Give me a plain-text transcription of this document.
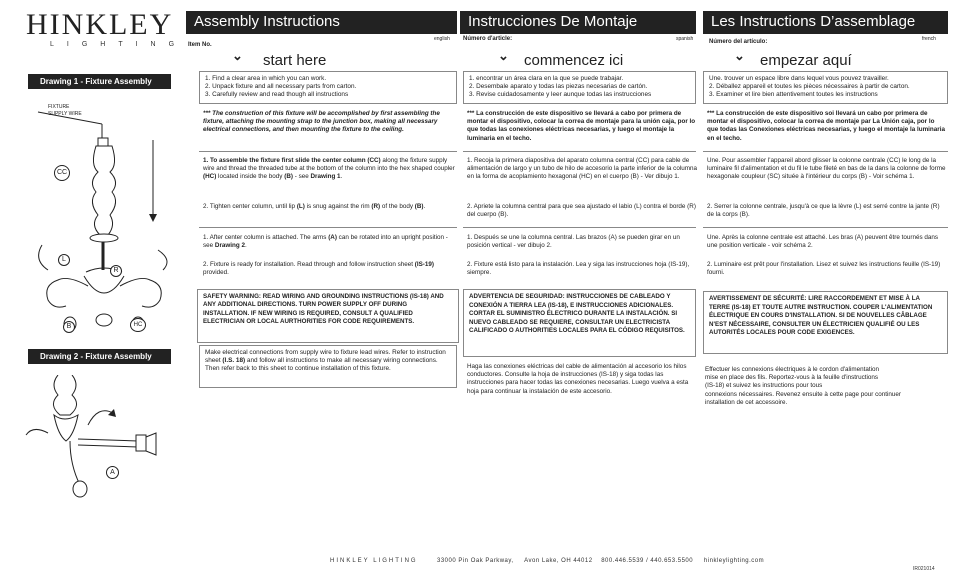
HINKLEY
LIGHTING
Drawing 1 - Fixture Assembly
FIXTURE SUPPLY WIRE
CC
L
R
B	HC
Drawing 2 - Fixture Assembly
A
Assembly Instructions
english
Item No.
⌄ start here
1. Find a clear area in which you can work.
2. Unpack fixture and all necessary parts from carton.
3. Carefully review and read though all instructions
*** The construction of this fixture will be accomplished by first assembling the fixture, attaching the mounting strap to the junction box, making all necessary electrical connections, and then mounting the fixture to the ceiling.
1. To assemble the fixture first slide the center column (CC) along the fixture supply wire and thread the threaded tube at the bottom of the column into the hex shaped coupler (HC) located inside the body (B) - see Drawing 1.
2. Tighten center column, until lip (L) is snug against the rim (R) of the body (B).
1. After center column is attached. The arms (A) can be rotated into an upright position - see Drawing 2.
2. Fixture is ready for installation. Read through and follow instruction sheet (IS-19) provided.
SAFETY WARNING: READ WIRING AND GROUNDING INSTRUCTIONS (IS-18) AND ANY ADDITIONAL DIRECTIONS. TURN POWER SUPPLY OFF DURING INSTALLATION. IF NEW WIRING IS REQUIRED, CONSULT A QUALIFIED ELECTRICIAN OR LOCAL AURTHORITIES FOR CODE REQUIREMENTS.
Make electrical connections from supply wire to fixture lead wires. Refer to instruction sheet (I.S. 18) and follow all instructions to make all necessary wiring connections. Then refer back to this sheet to continue installation of this fixture.
Instrucciones De Montaje
spanish
Número d'article:
⌄ commencez ici
1. encontrar un área clara en la que se puede trabajar.
2. Desembale aparato y todas las piezas necesarias de cartón.
3. Revise cuidadosamente y leer aunque todas las instrucciones
*** La construcción de este dispositivo se llevará a cabo por primera de montar el dispositivo, colocar la correa de montaje para la unión caja, por lo que todas las conexiones eléctricas necesarias, y luego el montaje la luminaria en el techo.
1. Recoja la primera diapositiva del aparato columna central (CC) para cable de alimentación de largo y un tubo de hilo de accesorio la parte inferior de la columna en la forma de acoplamiento hexagonal (HC) en el cuerpo (B) - Ver dibujo 1.
2. Apriete la columna central para que sea ajustado el labio (L) contra el borde (R) del cuerpo (B).
1. Después se une la columna central. Las brazos (A) se pueden girar en un posición vertical - ver dibujo 2.
2. Fixture está listo para la instalación. Lea y siga las instrucciones hoja (IS-19), siempre.
ADVERTENCIA DE SEGURIDAD: INSTRUCCIONES DE CABLEADO Y CONEXIÓN A TIERRA LEA (IS-18), E INSTRUCCIONES ADICIONALES. CORTAR EL SUMINISTRO ÉLECTRICO DURANTE LA INSTALACIÓN. SI NUEVO CABLEADO SE REQUIERE, CONSULTAR UN ELECTRICISTA CALIFICADO O AUTHORITIES LOCALES PARA EL CÓDIGO REQUISITOS.
Haga las conexiones eléctricas del cable de alimentación al accesorio los hilos conductores. Consulte la hoja de instrucciones (IS-18) y siga todas las instrucciones para hacer todas las conexiones necesarias. Luego vuelva a esta hoja para continuar la instalación de este accesorio.
Les Instructions D’assemblage
french
Número del artículo:
⌄ empezar aquí
Une. trouver un espace libre dans lequel vous pouvez travailler.
2. Déballez appareil et toutes les pièces nécessaires à partir de carton.
3. Examiner et lire bien attentivement toutes les instructions
*** La construcción de este dispositivo soi llevará un cabo por primera de montar el dispositivo, colocar la correa de montaje par La Unión caja, por lo que todas las Conexiones eléctricas necesarias, y luego el montaje la luminaria en el techo.
Une. Pour assembler l'appareil abord glisser la colonne centrale (CC) le long de la luminaire fil d'alimentation et du fil le tube fileté en bas de la dans la colonne de forme hexagonale coupleur (SC) située à l'intérieur du corps (B) - Voir schéma 1.
2. Serrer la colonne centrale, jusqu'à ce que la lèvre (L) est serré contre la jante (R) de la corps (B).
Une. Après la colonne centrale est attaché. Les bras (A) peuvent être tournés dans une position verticale - voir schéma 2.
2. Luminaire est prêt pour l'installation. Lisez et suivez les instructions feuille (IS-19) fourni.
AVERTISSEMENT DE SÉCURITÉ: LIRE RACCORDEMENT ET MISE À LA TERRE (IS-18) ET TOUTE AUTRE INSTRUCTION. COUPER L'ALIMENTATION ÉLECTRIQUE EN COURS D'INSTALLATION. SI DE NOUVELLES CÂBLAGE N'EST NÉCESSAIRE, CONSULTER UN ÉLECTRICIEN QUALIFIÉ OU LES AUTORITÉS LOCALES POUR CODE EXIGENCES.
Effectuer les connexions électriques à le cordon d'alimentation
mise en place des fils. Reportez-vous à la feuille d'instructions
(IS-18) et suivez les instructions pour tous
connexions nécessaires. Revenez ensuite à cette page pour continuer
installation de cet accessoire.
HINKLEY LIGHTING	33000 Pin Oak Parkway,     Avon Lake, OH 44012    800.446.5539 / 440.653.5500     hinkleylighting.com
IR021014
